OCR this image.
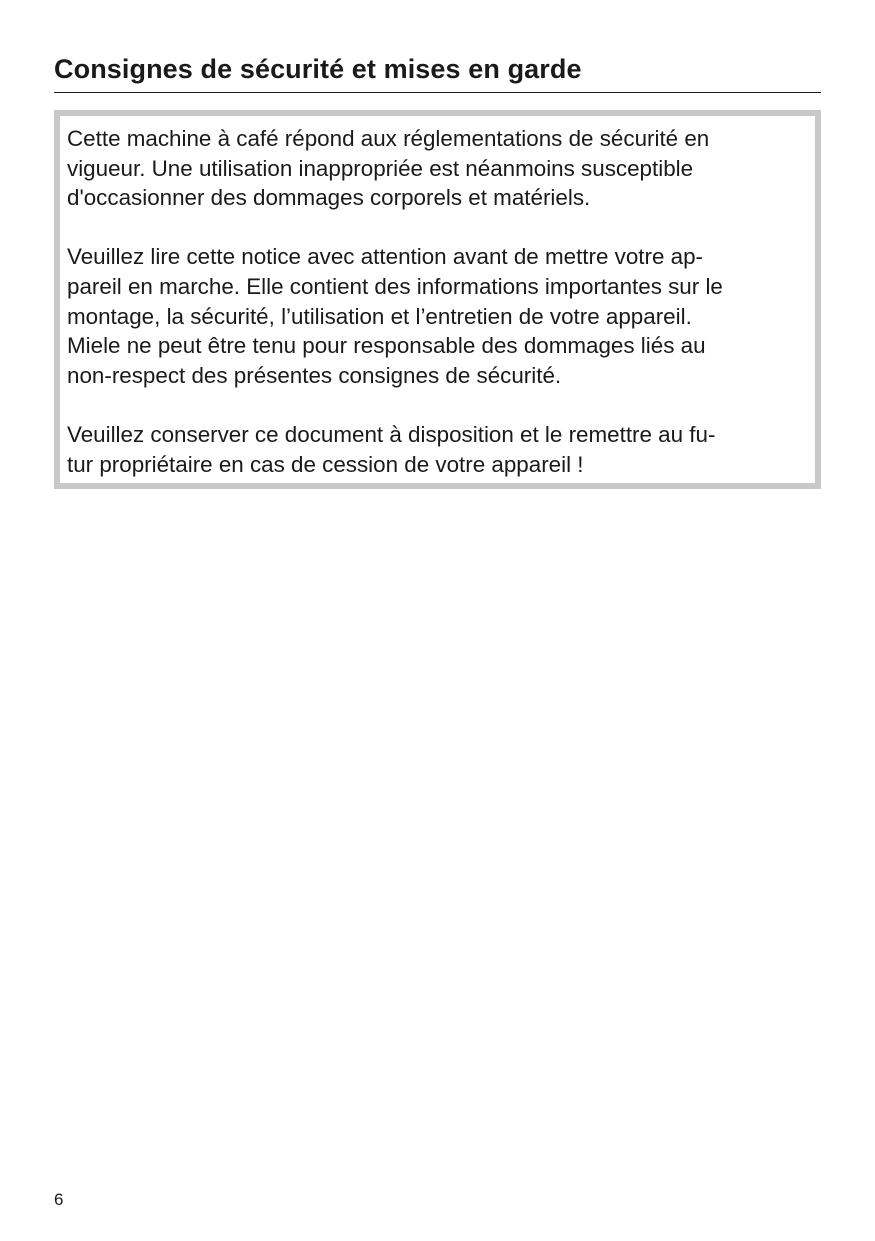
Consignes de sécurité et mises en garde

Cette machine à café répond aux réglementations de sécurité en
vigueur. Une utilisation inappropriée est néanmoins susceptible
d'occasionner des dommages corporels et matériels.

Veuillez lire cette notice avec attention avant de mettre votre ap-
pareil en marche. Elle contient des informations importantes sur le
montage, la sécurité, l’utilisation et l’entretien de votre appareil.
Miele ne peut être tenu pour responsable des dommages liés au
non-respect des présentes consignes de sécurité.

Veuillez conserver ce document à disposition et le remettre au fu-
tur propriétaire en cas de cession de votre appareil !

6
